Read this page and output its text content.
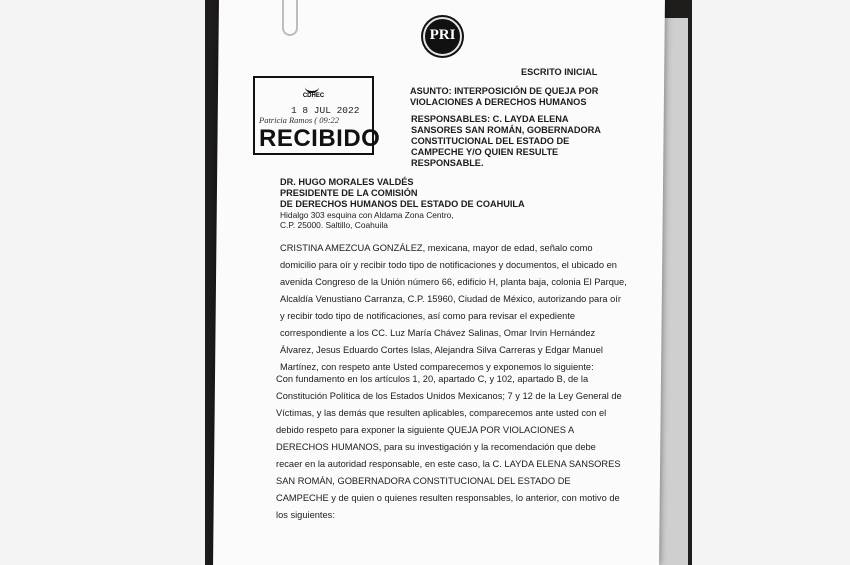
PRI
CDHEC
1 8 JUL 2022
Patricia Ramos ( 09:22
RECIBIDO
ESCRITO INICIAL
ASUNTO: INTERPOSICIÓN DE QUEJA POR
VIOLACIONES A DERECHOS HUMANOS
RESPONSABLES: C. LAYDA ELENA
SANSORES SAN ROMÁN, GOBERNADORA
CONSTITUCIONAL DEL ESTADO DE
CAMPECHE Y/O QUIEN RESULTE
RESPONSABLE.
DR. HUGO MORALES VALDÉS
PRESIDENTE DE LA COMISIÓN
DE DERECHOS HUMANOS DEL ESTADO DE COAHUILA
Hidalgo 303 esquina con Aldama Zona Centro,
C.P. 25000. Saltillo, Coahuila
CRISTINA AMEZCUA GONZÁLEZ, mexicana, mayor de edad, señalo como
domicilio para oír y recibir todo tipo de notificaciones y documentos, el ubicado en
avenida Congreso de la Unión número 66, edificio H, planta baja, colonia El Parque,
Alcaldía Venustiano Carranza, C.P. 15960, Ciudad de México, autorizando para oír
y recibir todo tipo de notificaciones, así como para revisar el expediente
correspondiente a los CC. Luz María Chávez Salinas, Omar Irvin Hernández
Álvarez, Jesus Eduardo Cortes Islas, Alejandra Silva Carreras y Edgar Manuel
Martínez, con respeto ante Usted comparecemos y exponemos lo siguiente:
Con fundamento en los artículos 1, 20, apartado C, y 102, apartado B, de la
Constitución Política de los Estados Unidos Mexicanos; 7 y 12 de la Ley General de
Víctimas, y las demás que resulten aplicables, comparecemos ante usted con el
debido respeto para exponer la siguiente QUEJA POR VIOLACIONES A
DERECHOS HUMANOS, para su investigación y la recomendación que debe
recaer en la autoridad responsable, en este caso, la C. LAYDA ELENA SANSORES
SAN ROMÁN, GOBERNADORA CONSTITUCIONAL DEL ESTADO DE
CAMPECHE y de quien o quienes resulten responsables, lo anterior, con motivo de
los siguientes:
